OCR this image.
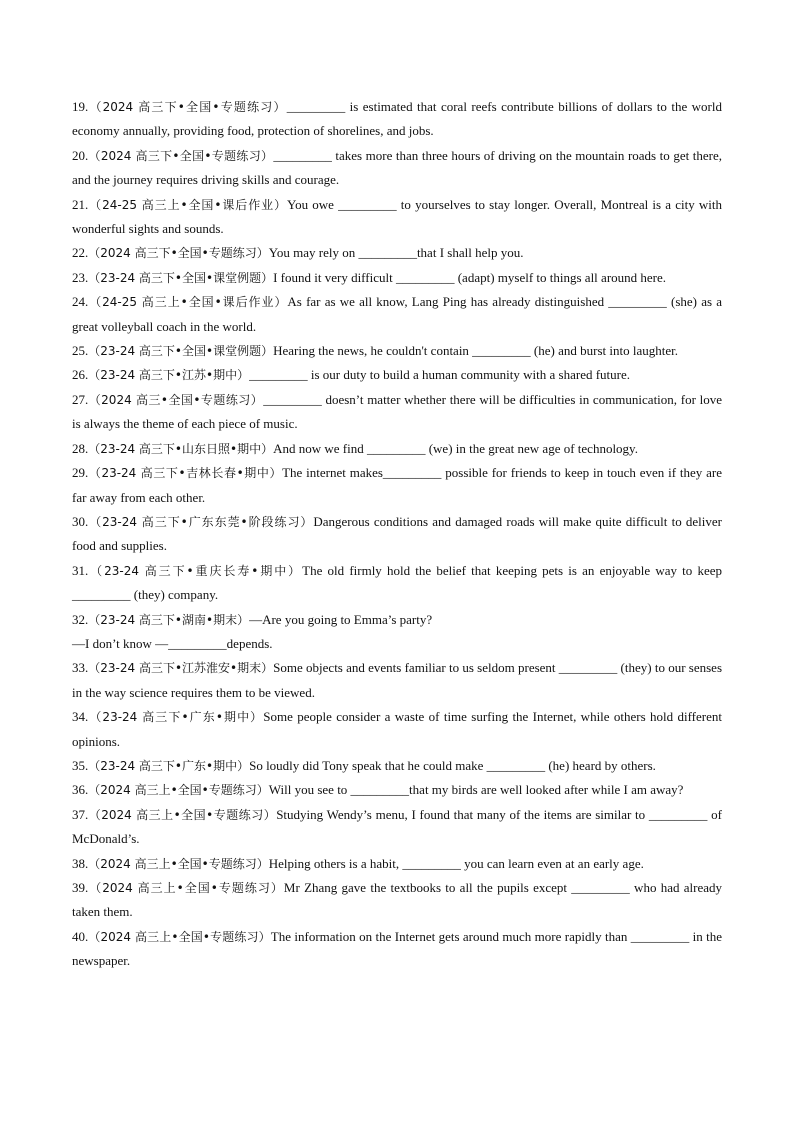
19.（2024 高三下•全国•专题练习）_________ is estimated that coral reefs contribute billions of dollars to the world economy annually, providing food, protection of shorelines, and jobs.
20.（2024 高三下•全国•专题练习）_________ takes more than three hours of driving on the mountain roads to get there, and the journey requires driving skills and courage.
21.（24-25 高三上•全国•课后作业）You owe _________ to yourselves to stay longer. Overall, Montreal is a city with wonderful sights and sounds.
22.（2024 高三下•全国•专题练习）You may rely on _________that I shall help you.
23.（23-24 高三下•全国•课堂例题）I found it very difficult _________ (adapt) myself to things all around here.
24.（24-25 高三上•全国•课后作业）As far as we all know, Lang Ping has already distinguished _________ (she) as a great volleyball coach in the world.
25.（23-24 高三下•全国•课堂例题）Hearing the news, he couldn't contain _________ (he) and burst into laughter.
26.（23-24 高三下•江苏•期中）_________ is our duty to build a human community with a shared future.
27.（2024 高三•全国•专题练习）_________ doesn’t matter whether there will be difficulties in communication, for love is always the theme of each piece of music.
28.（23-24 高三下•山东日照•期中）And now we find _________ (we) in the great new age of technology.
29.（23-24 高三下•吉林长春•期中）The internet makes_________ possible for friends to keep in touch even if they are far away from each other.
30.（23-24 高三下•广东东莞•阶段练习）Dangerous conditions and damaged roads will make quite difficult to deliver food and supplies.
31.（23-24 高三下•重庆长寿•期中）The old firmly hold the belief that keeping pets is an enjoyable way to keep _________ (they) company.
32.（23-24 高三下•湖南•期末）—Are you going to Emma’s party?
—I don’t know —_________depends.
33.（23-24 高三下•江苏淮安•期末）Some objects and events familiar to us seldom present _________ (they) to our senses in the way science requires them to be viewed.
34.（23-24 高三下•广东•期中）Some people consider a waste of time surfing the Internet, while others hold different opinions.
35.（23-24 高三下•广东•期中）So loudly did Tony speak that he could make _________ (he) heard by others.
36.（2024 高三上•全国•专题练习）Will you see to _________that my birds are well looked after while I am away?
37.（2024 高三上•全国•专题练习）Studying Wendy’s menu, I found that many of the items are similar to _________ of McDonald’s.
38.（2024 高三上•全国•专题练习）Helping others is a habit, _________ you can learn even at an early age.
39.（2024 高三上•全国•专题练习）Mr Zhang gave the textbooks to all the pupils except _________ who had already taken them.
40.（2024 高三上•全国•专题练习）The information on the Internet gets around much more rapidly than _________ in the newspaper.
